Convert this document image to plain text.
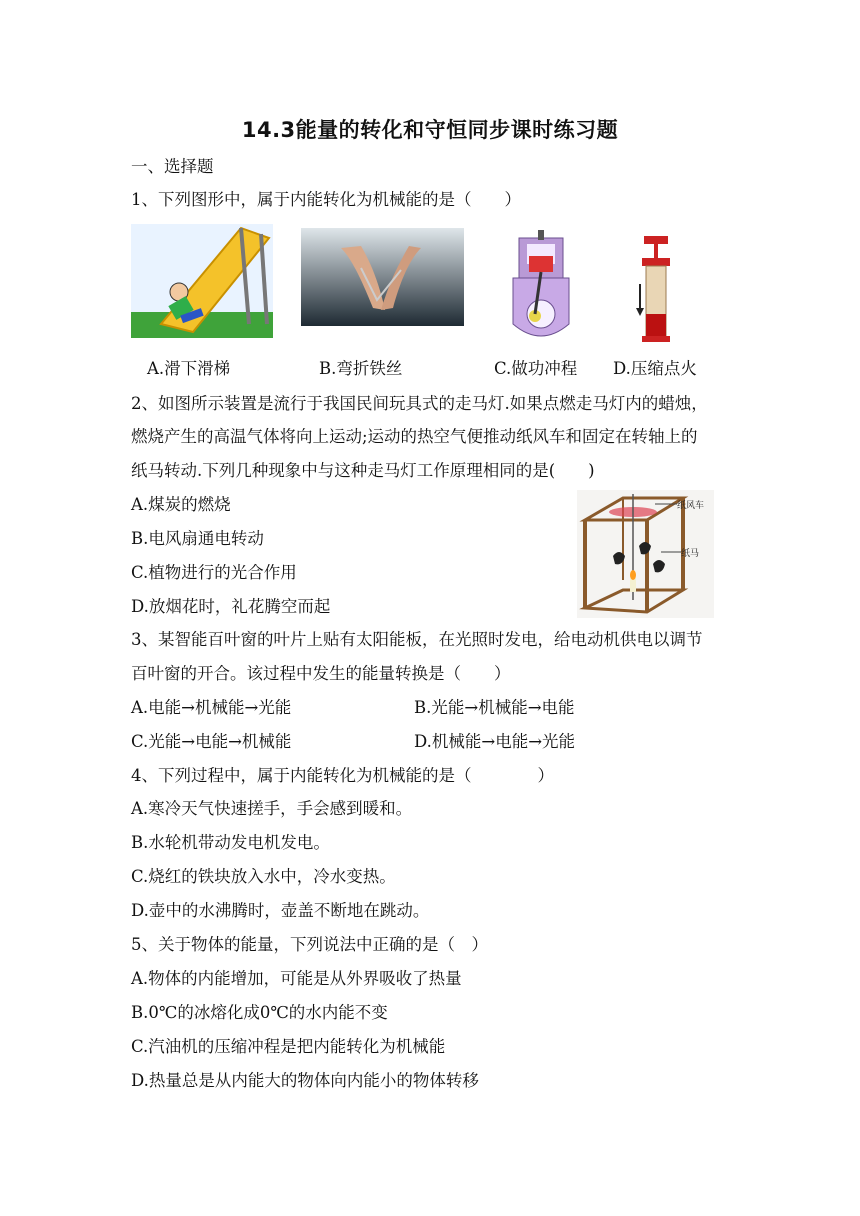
14.3能量的转化和守恒同步课时练习题
一、选择题
1、下列图形中，属于内能转化为机械能的是（　　）
A.滑下滑梯	B.弯折铁丝	C.做功冲程 D.压缩点火
2、如图所示装置是流行于我国民间玩具式的走马灯.如果点燃走马灯内的蜡烛，
燃烧产生的高温气体将向上运动;运动的热空气便推动纸风车和固定在转轴上的
纸马转动.下列几种现象中与这种走马灯工作原理相同的是(　　)
A.煤炭的燃烧
B.电风扇通电转动
C.植物进行的光合作用
D.放烟花时，礼花腾空而起
纸风车
纸马
3、某智能百叶窗的叶片上贴有太阳能板，在光照时发电，给电动机供电以调节
百叶窗的开合。该过程中发生的能量转换是（　　）
A.电能→机械能→光能	B.光能→机械能→电能
C.光能→电能→机械能	D.机械能→电能→光能
4、下列过程中，属于内能转化为机械能的是（　　　　）
A.寒冷天气快速搓手，手会感到暖和。
B.水轮机带动发电机发电。
C.烧红的铁块放入水中，冷水变热。
D.壶中的水沸腾时，壶盖不断地在跳动。
5、关于物体的能量，下列说法中正确的是（　）
A.物体的内能增加，可能是从外界吸收了热量
B.0℃的冰熔化成0℃的水内能不变
C.汽油机的压缩冲程是把内能转化为机械能
D.热量总是从内能大的物体向内能小的物体转移
